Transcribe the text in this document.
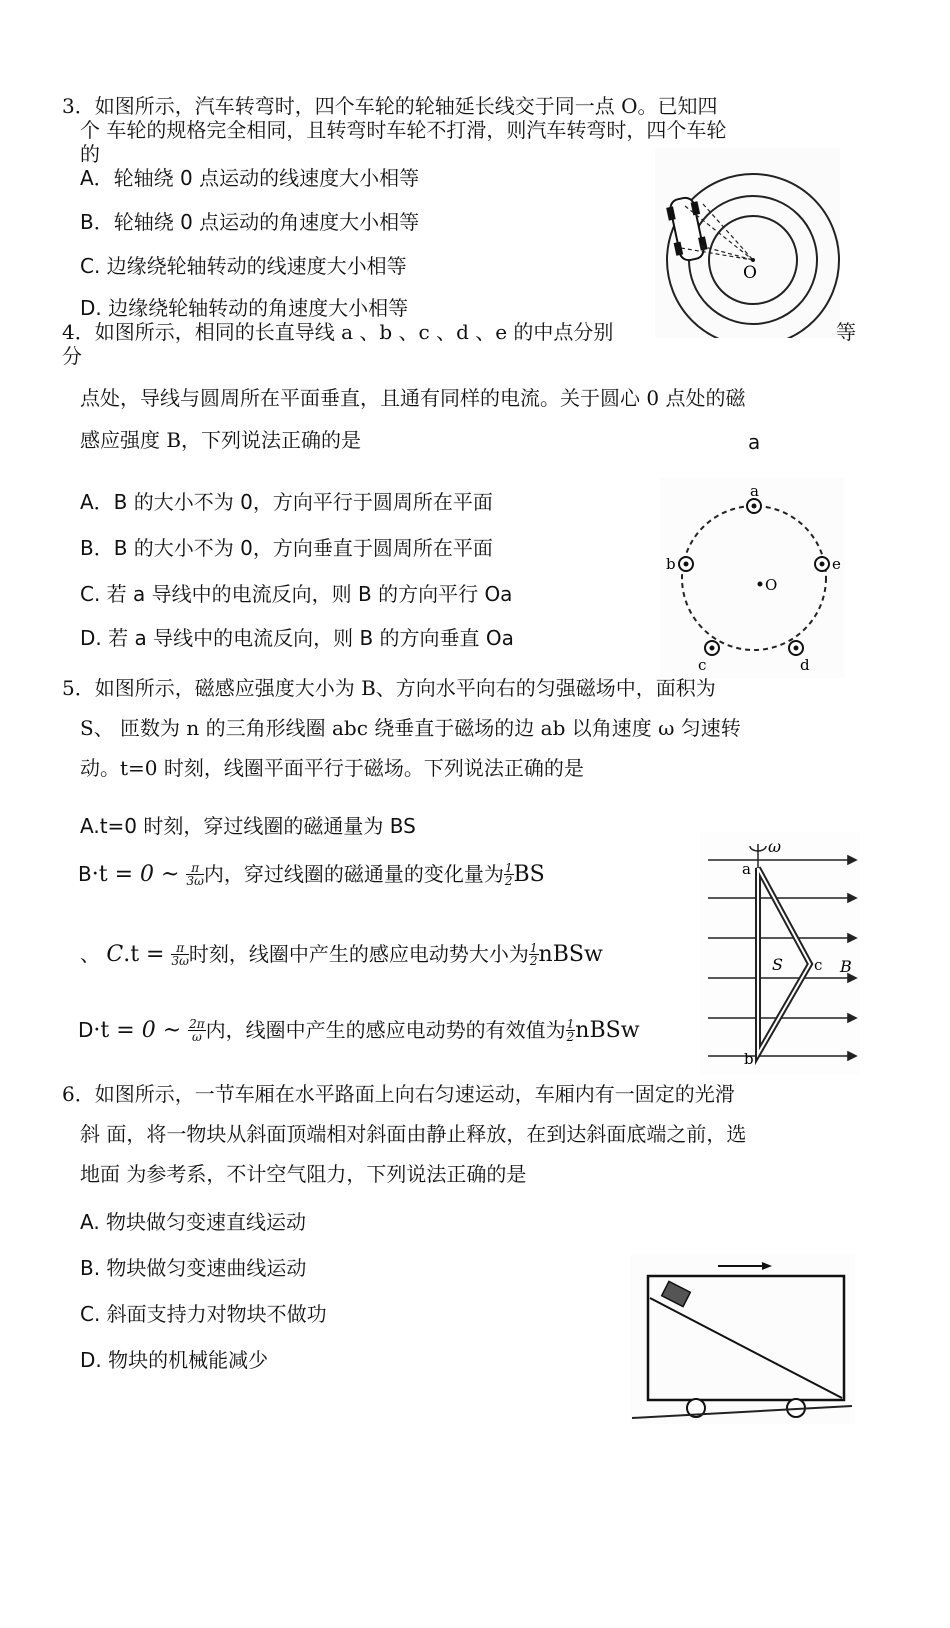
3．如图所示，汽车转弯时，四个车轮的轮轴延长线交于同一点 O。已知四
个 车轮的规格完全相同，且转弯时车轮不打滑，则汽车转弯时，四个车轮
的
A．轮轴绕 0 点运动的线速度大小相等
B．轮轴绕 0 点运动的角速度大小相等
C. 边缘绕轮轴转动的线速度大小相等
D. 边缘绕轮轴转动的角速度大小相等
O
4．如图所示，相同的长直导线 a 、b 、c 、d 、e 的中点分别	等
分
点处，导线与圆周所在平面垂直，且通有同样的电流。关于圆心 0 点处的磁
感应强度 B，下列说法正确的是	a
A．B 的大小不为 0，方向平行于圆周所在平面
B．B 的大小不为 0，方向垂直于圆周所在平面
C. 若 a 导线中的电流反向，则 B 的方向平行 Oa
D. 若 a 导线中的电流反向，则 B 的方向垂直 Oa
a
b
c	d
e
O
5．如图所示，磁感应强度大小为 B、方向水平向右的匀强磁场中，面积为
S、 匝数为 n 的三角形线圈 abc 绕垂直于磁场的边 ab 以角速度 ω 匀速转
动。t=0 时刻，线圈平面平行于磁场。下列说法正确的是
A.t=0 时刻，穿过线圈的磁通量为 BS
B·t = 0 ~ $\frac{\pi}{3\omega}$ 内，穿过线圈的磁通量的变化量为 $\frac{1}{2}$ BS
、 $C.t = \frac{\pi}{3\omega}$ 时刻，线圈中产生的感应电动势大小为 $\frac{1}{2}$ nBSw
D·t = 0 ~ $\frac{2\pi}{\omega}$ 内，线圈中产生的感应电动势的有效值为 $\frac{1}{2}$ nBSw
ω
a
b
c
S	B
6．如图所示，一节车厢在水平路面上向右匀速运动，车厢内有一固定的光滑
斜 面，将一物块从斜面顶端相对斜面由静止释放，在到达斜面底端之前，选
地面 为参考系，不计空气阻力，下列说法正确的是
A. 物块做匀变速直线运动
B. 物块做匀变速曲线运动
C. 斜面支持力对物块不做功
D. 物块的机械能减少
